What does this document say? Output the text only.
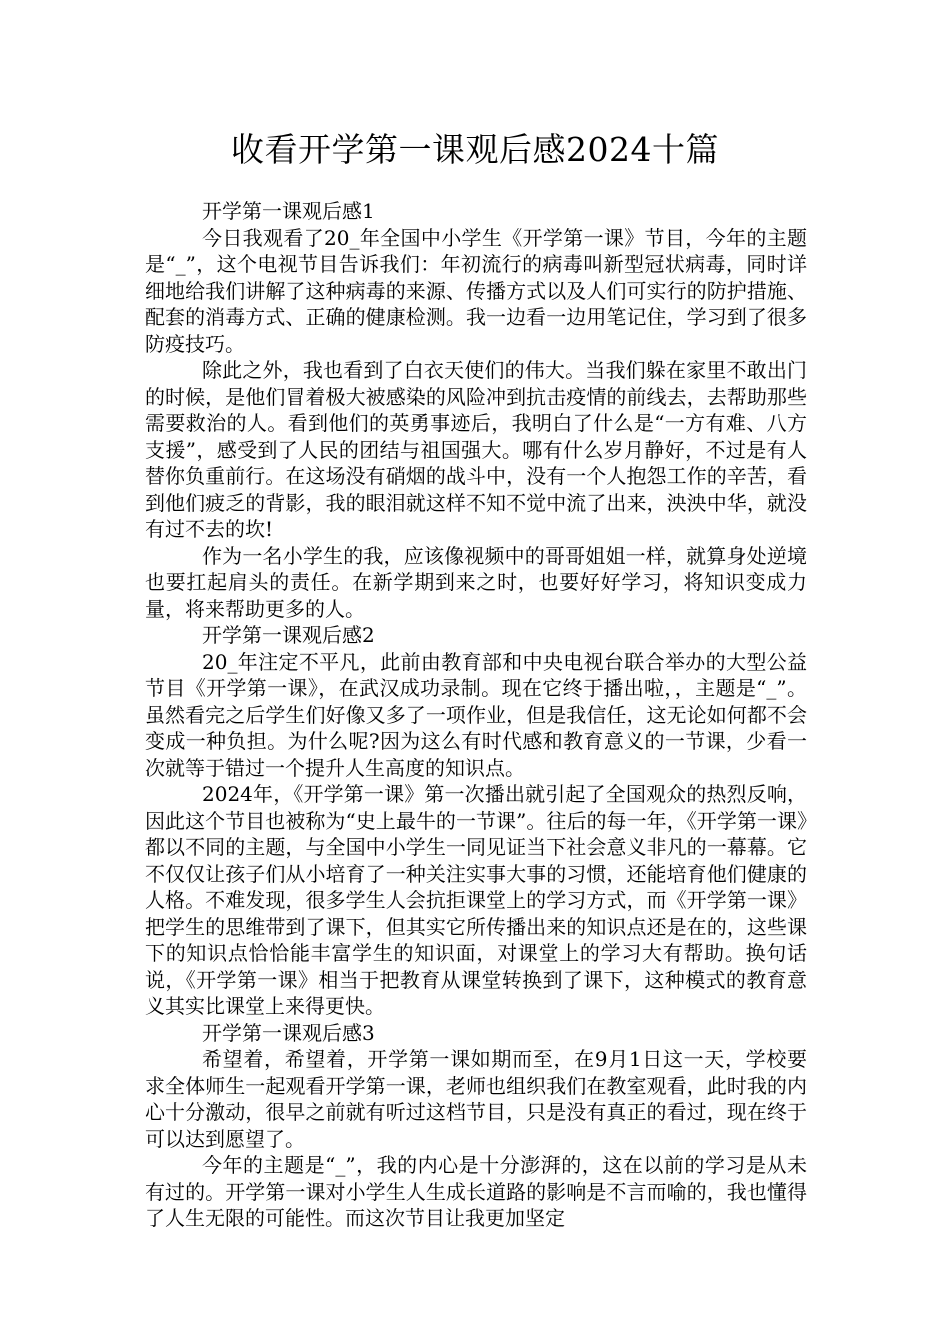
收看开学第一课观后感2024十篇
开学第一课观后感1

今日我观看了20_年全国中小学生《开学第一课》节目，今年的主题是“_”，这个电视节目告诉我们：年初流行的病毒叫新型冠状病毒，同时详细地给我们讲解了这种病毒的来源、传播方式以及人们可实行的防护措施、配套的消毒方式、正确的健康检测。我一边看一边用笔记住，学习到了很多防疫技巧。

除此之外，我也看到了白衣天使们的伟大。当我们躲在家里不敢出门的时候，是他们冒着极大被感染的风险冲到抗击疫情的前线去，去帮助那些需要救治的人。看到他们的英勇事迹后，我明白了什么是“一方有难、八方支援”，感受到了人民的团结与祖国强大。哪有什么岁月静好，不过是有人替你负重前行。在这场没有硝烟的战斗中，没有一个人抱怨工作的辛苦，看到他们疲乏的背影，我的眼泪就这样不知不觉中流了出来，泱泱中华，就没有过不去的坎!

作为一名小学生的我，应该像视频中的哥哥姐姐一样，就算身处逆境也要扛起肩头的责任。在新学期到来之时，也要好好学习，将知识变成力量，将来帮助更多的人。

开学第一课观后感2

20_年注定不平凡，此前由教育部和中央电视台联合举办的大型公益节目《开学第一课》，在武汉成功录制。现在它终于播出啦，，主题是“_”。虽然看完之后学生们好像又多了一项作业，但是我信任，这无论如何都不会变成一种负担。为什么呢?因为这么有时代感和教育意义的一节课，少看一次就等于错过一个提升人生高度的知识点。

2024年，《开学第一课》第一次播出就引起了全国观众的热烈反响，因此这个节目也被称为“史上最牛的一节课”。往后的每一年，《开学第一课》都以不同的主题，与全国中小学生一同见证当下社会意义非凡的一幕幕。它不仅仅让孩子们从小培育了一种关注实事大事的习惯，还能培育他们健康的人格。不难发现，很多学生人会抗拒课堂上的学习方式，而《开学第一课》把学生的思维带到了课下，但其实它所传播出来的知识点还是在的，这些课下的知识点恰恰能丰富学生的知识面，对课堂上的学习大有帮助。换句话说，《开学第一课》相当于把教育从课堂转换到了课下，这种模式的教育意义其实比课堂上来得更快。

开学第一课观后感3

希望着，希望着，开学第一课如期而至，在9月1日这一天，学校要求全体师生一起观看开学第一课，老师也组织我们在教室观看，此时我的内心十分激动，很早之前就有听过这档节目，只是没有真正的看过，现在终于可以达到愿望了。

今年的主题是“_”，我的内心是十分澎湃的，这在以前的学习是从未有过的。开学第一课对小学生人生成长道路的影响是不言而喻的，我也懂得了人生无限的可能性。而这次节目让我更加坚定
